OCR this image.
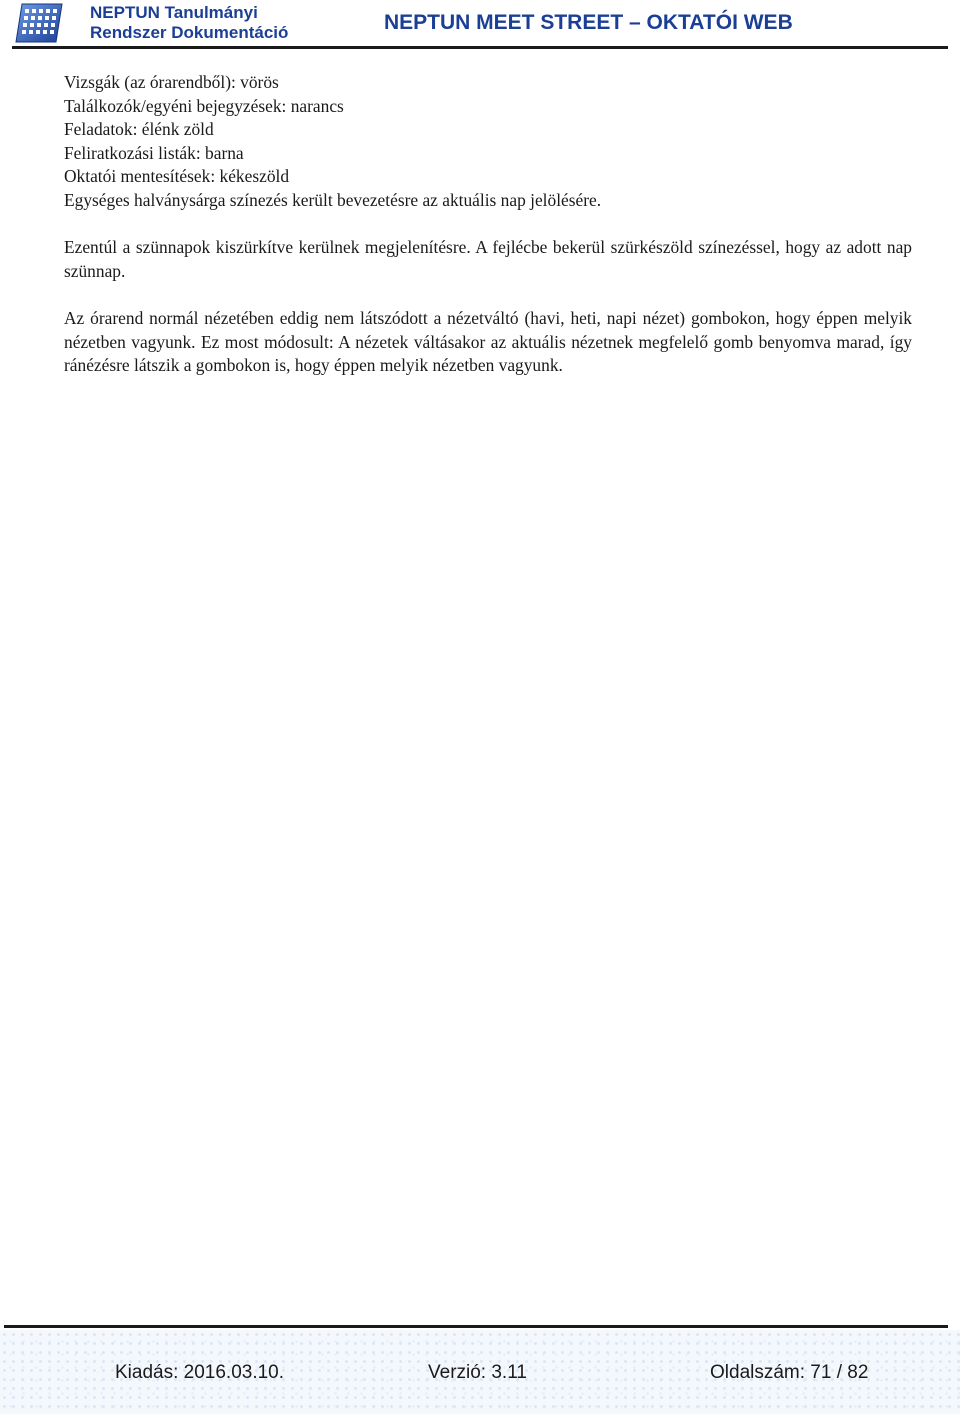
NEPTUN Tanulmányi
Rendszer Dokumentáció	NEPTUN MEET STREET – OKTATÓI WEB

Vizsgák (az órarendből): vörös

Találkozók/egyéni bejegyzések: narancs

Feladatok: élénk zöld

Feliratkozási listák: barna

Oktatói mentesítések: kékeszöld

Egységes halványsárga színezés került bevezetésre az aktuális nap jelölésére.

Ezentúl a szünnapok kiszürkítve kerülnek megjelenítésre. A fejlécbe bekerül szürkészöld színezéssel, hogy az adott nap szünnap.

Az órarend normál nézetében eddig nem látszódott a nézetváltó (havi, heti, napi nézet) gombokon, hogy éppen melyik nézetben vagyunk. Ez most módosult: A nézetek váltásakor az aktuális nézetnek megfelelő gomb benyomva marad, így ránézésre látszik a gombokon is, hogy éppen melyik nézetben vagyunk.

Kiadás: 2016.03.10.	Verzió: 3.11	Oldalszám: 71 / 82
